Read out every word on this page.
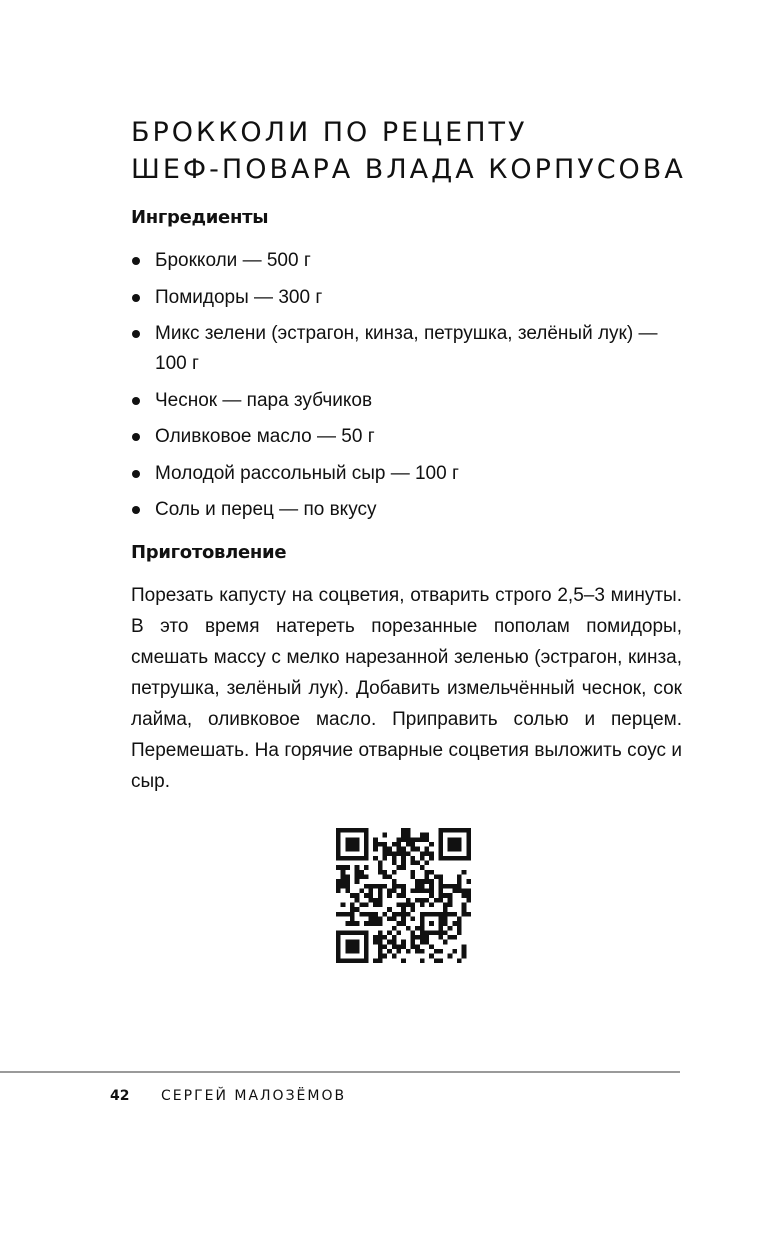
БРОККОЛИ ПО РЕЦЕПТУ
ШЕФ-ПОВАРА ВЛАДА КОРПУСОВА
Ингредиенты
Брокколи — 500 г
Помидоры — 300 г
Микс зелени (эстрагон, кинза, петрушка, зелёный лук) — 100 г
Чеснок — пара зубчиков
Оливковое масло — 50 г
Молодой рассольный сыр — 100 г
Соль и перец — по вкусу
Приготовление
Порезать капусту на соцветия, отварить строго 2,5–3 минуты. В это время натереть порезанные пополам помидоры, смешать массу с мелко нарезанной зеленью (эстрагон, кинза, петрушка, зелёный лук). Добавить измельчённый чеснок, сок лайма, оливковое масло. Приправить солью и перцем. Перемешать. На горячие отварные соцветия выложить соус и сыр.
42 СЕРГЕЙ МАЛОЗЁМОВ
